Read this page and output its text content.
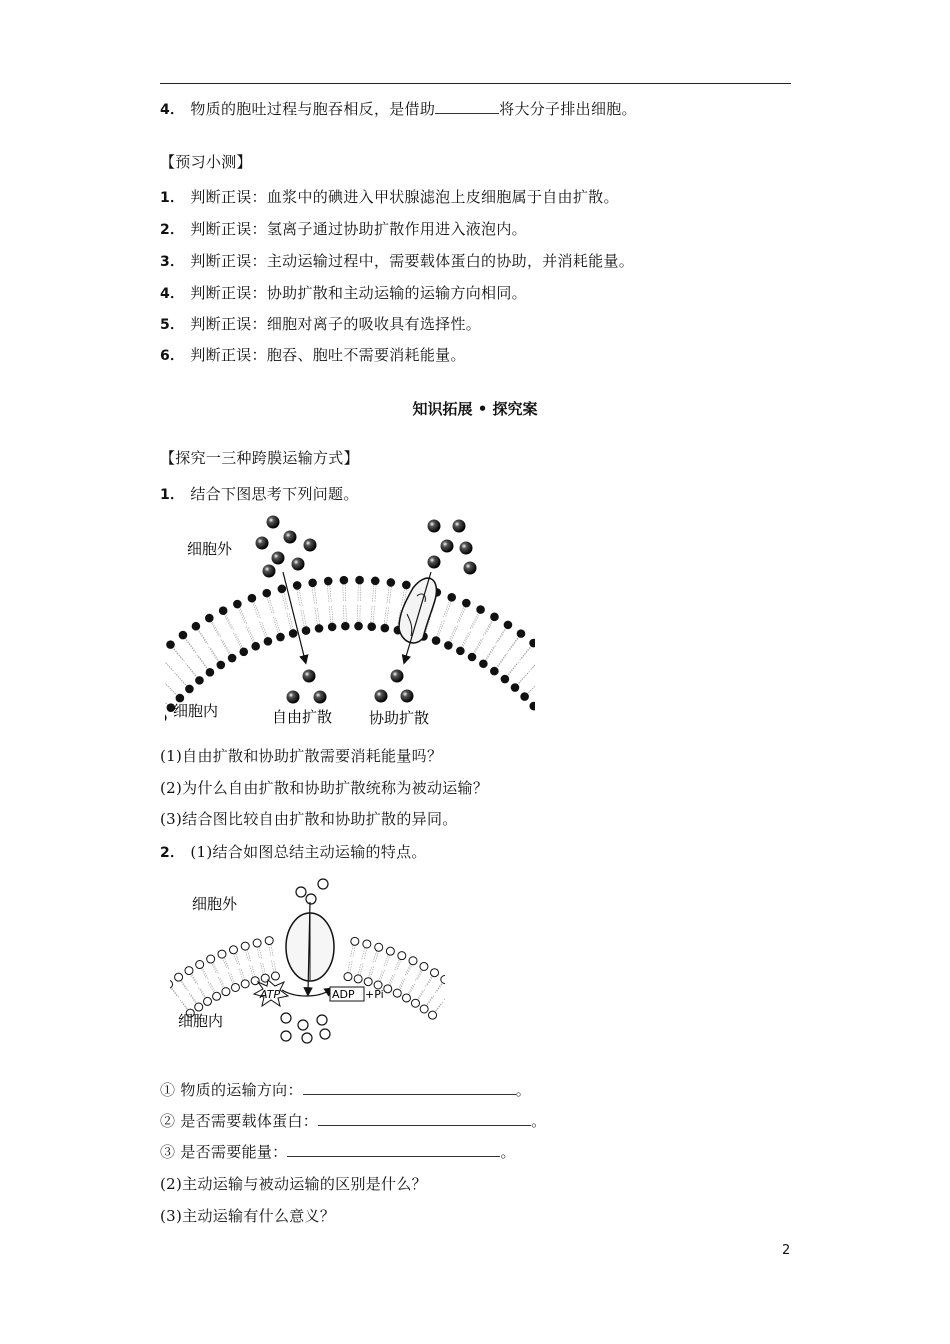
4． 物质的胞吐过程与胞吞相反，是借助	将大分子排出细胞。
【预习小测】
1． 判断正误：血浆中的碘进入甲状腺滤泡上皮细胞属于自由扩散。
2． 判断正误：氢离子通过协助扩散作用进入液泡内。
3． 判断正误：主动运输过程中，需要载体蛋白的协助，并消耗能量。
4． 判断正误：协助扩散和主动运输的运输方向相同。
5． 判断正误：细胞对离子的吸收具有选择性。
6． 判断正误：胞吞、胞吐不需要消耗能量。
知识拓展 • 探究案
【探究一三种跨膜运输方式】
1． 结合下图思考下列问题。
细胞外
细胞内	自由扩散 协助扩散
(1)自由扩散和协助扩散需要消耗能量吗？
(2)为什么自由扩散和协助扩散统称为被动运输？
(3)结合图比较自由扩散和协助扩散的异同。
2． (1)结合如图总结主动运输的特点。
ATP	ADP +Pi
细胞外
细胞内
① 物质的运输方向：	。
② 是否需要载体蛋白：	。
③ 是否需要能量：	。
(2)主动运输与被动运输的区别是什么？
(3)主动运输有什么意义？
2
